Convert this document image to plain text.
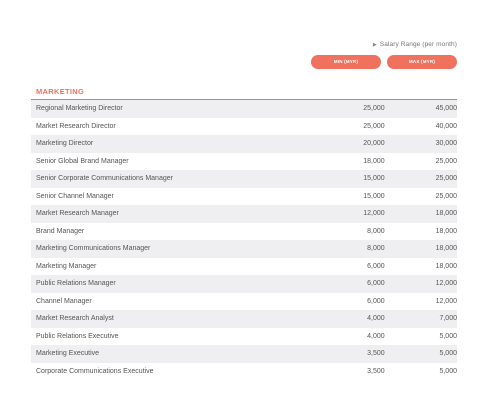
▶ Salary Range (per month)
MIN (MYR)	MAX (MYR)
MARKETING
Regional Marketing Director	25,000	45,000
Market Research Director	25,000	40,000
Marketing Director	20,000	30,000
Senior Global Brand Manager	18,000	25,000
Senior Corporate Communications Manager	15,000	25,000
Senior Channel Manager	15,000	25,000
Market Research Manager	12,000	18,000
Brand Manager	8,000	18,000
Marketing Communications Manager	8,000	18,000
Marketing Manager	6,000	18,000
Public Relations Manager	6,000	12,000
Channel Manager	6,000	12,000
Market Research Analyst	4,000	7,000
Public Relations Executive	4,000	5,000
Marketing Executive	3,500	5,000
Corporate Communications Executive	3,500	5,000
